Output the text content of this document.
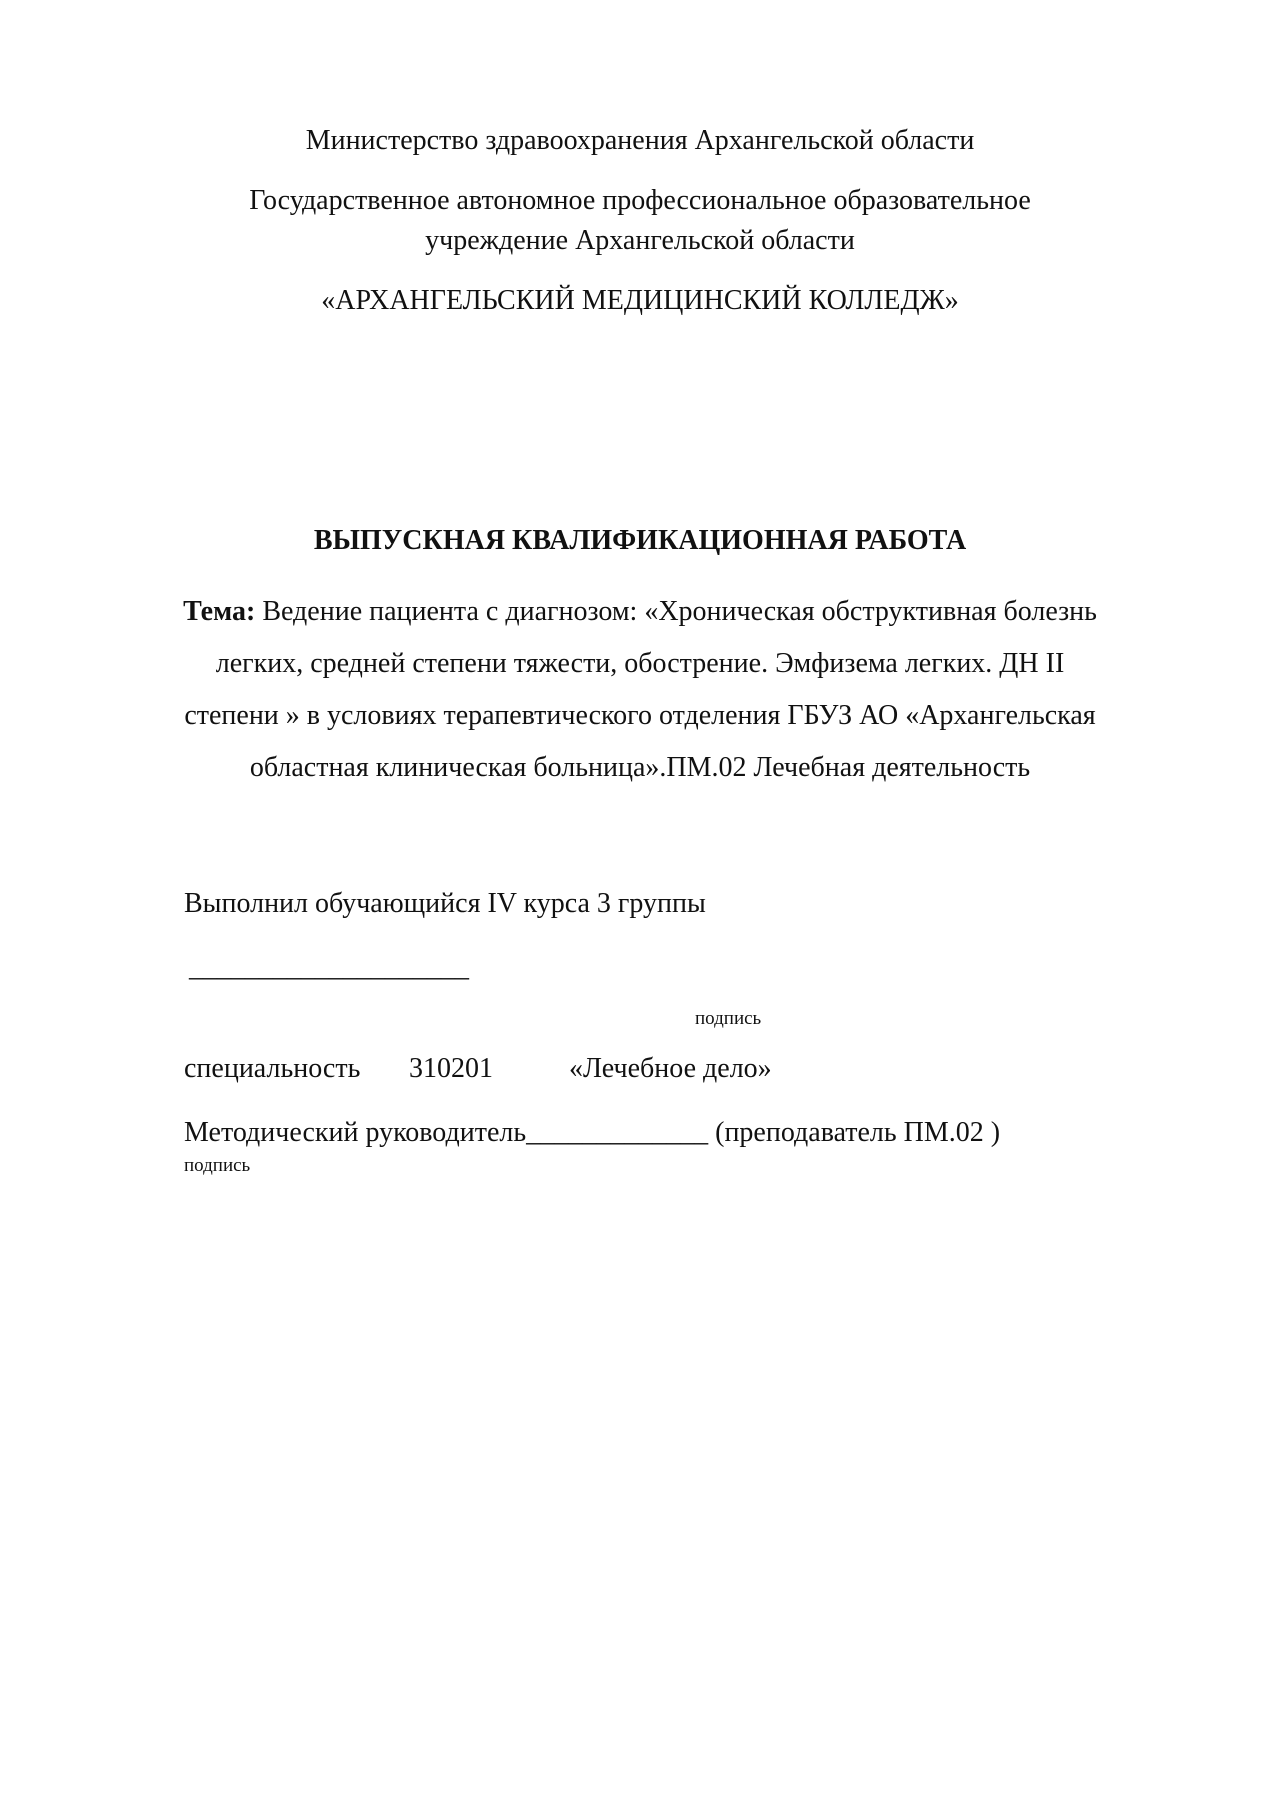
Министерство здравоохранения Архангельской области
Государственное автономное профессиональное образовательное
учреждение Архангельской области
«АРХАНГЕЛЬСКИЙ МЕДИЦИНСКИЙ КОЛЛЕДЖ»
ВЫПУСКНАЯ КВАЛИФИКАЦИОННАЯ РАБОТА
Тема: Ведение пациента с диагнозом: «Хроническая обструктивная болезнь
легких, средней степени тяжести, обострение. Эмфизема легких. ДН II
степени » в условиях терапевтического отделения ГБУЗ АО «Архангельская
областная клиническая больница».ПМ.02 Лечебная деятельность
Выполнил обучающийся IV курса 3 группы
____________________
подпись
специальность 310201	«Лечебное дело»
Методический руководитель_____________ (преподаватель ПМ.02 )
подпись
